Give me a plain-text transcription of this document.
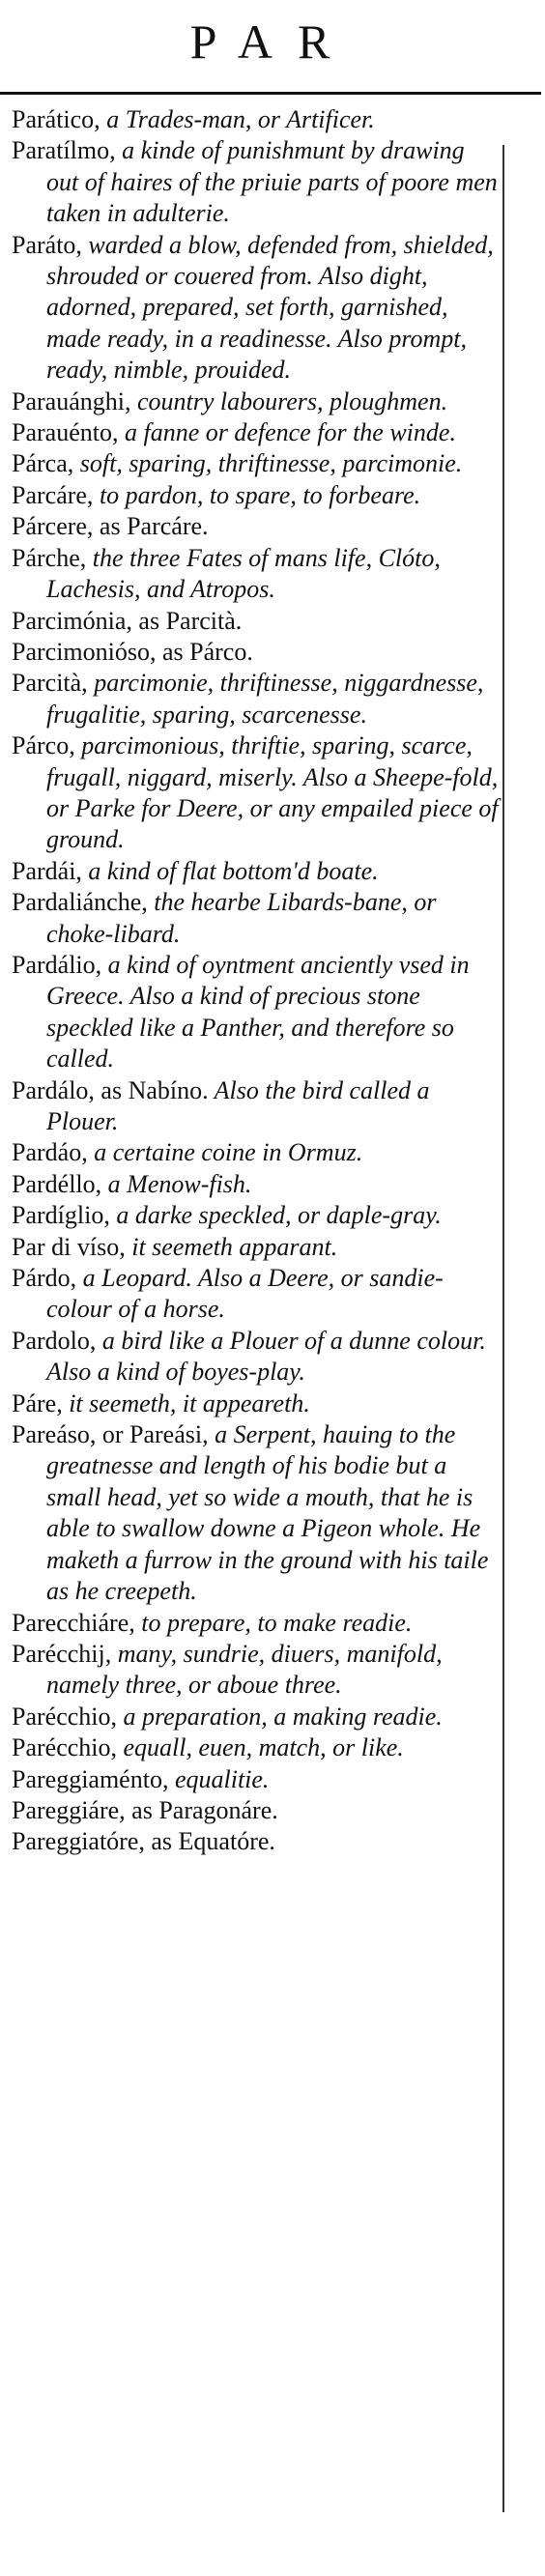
PAR

Parático, a Trades-man, or Artificer.

Paratílmo, a kinde of punishmunt by drawing out of haires of the priuie parts of poore men taken in adulterie.

Paráto, warded a blow, defended from, shielded, shrouded or couered from. Also dight, adorned, prepared, set forth, garnished, made ready, in a readinesse. Also prompt, ready, nimble, prouided.

Parauánghi, country labourers, ploughmen.

Parauénto, a fanne or defence for the winde.

Párca, soft, sparing, thriftinesse, parcimonie.

Parcáre, to pardon, to spare, to forbeare.

Párcere, as Parcáre.

Párche, the three Fates of mans life, Clóto, Lachesis, and Atropos.

Parcimónia, as Parcità.

Parcimonióso, as Párco.

Parcità, parcimonie, thriftinesse, niggardnesse, frugalitie, sparing, scarcenesse.

Párco, parcimonious, thriftie, sparing, scarce, frugall, niggard, miserly. Also a Sheepe-fold, or Parke for Deere, or any empailed piece of ground.

Pardái, a kind of flat bottom'd boate.

Pardaliánche, the hearbe Libards-bane, or choke-libard.

Pardálio, a kind of oyntment anciently vsed in Greece. Also a kind of precious stone speckled like a Panther, and therefore so called.

Pardálo, as Nabíno. Also the bird called a Plouer.

Pardáo, a certaine coine in Ormuz.

Pardéllo, a Menow-fish.

Pardíglio, a darke speckled, or daple-gray.

Par di víso, it seemeth apparant.

Párdo, a Leopard. Also a Deere, or sandie-colour of a horse.

Pardolo, a bird like a Plouer of a dunne colour. Also a kind of boyes-play.

Páre, it seemeth, it appeareth.

Pareáso, or Pareási, a Serpent, hauing to the greatnesse and length of his bodie but a small head, yet so wide a mouth, that he is able to swallow downe a Pigeon whole. He maketh a furrow in the ground with his taile as he creepeth.

Parecchiáre, to prepare, to make readie.

Parécchij, many, sundrie, diuers, manifold, namely three, or aboue three.

Parécchio, a preparation, a making readie.

Parécchio, equall, euen, match, or like.

Pareggiaménto, equalitie.

Pareggiáre, as Paragonáre.

Pareggiatóre, as Equatóre.
